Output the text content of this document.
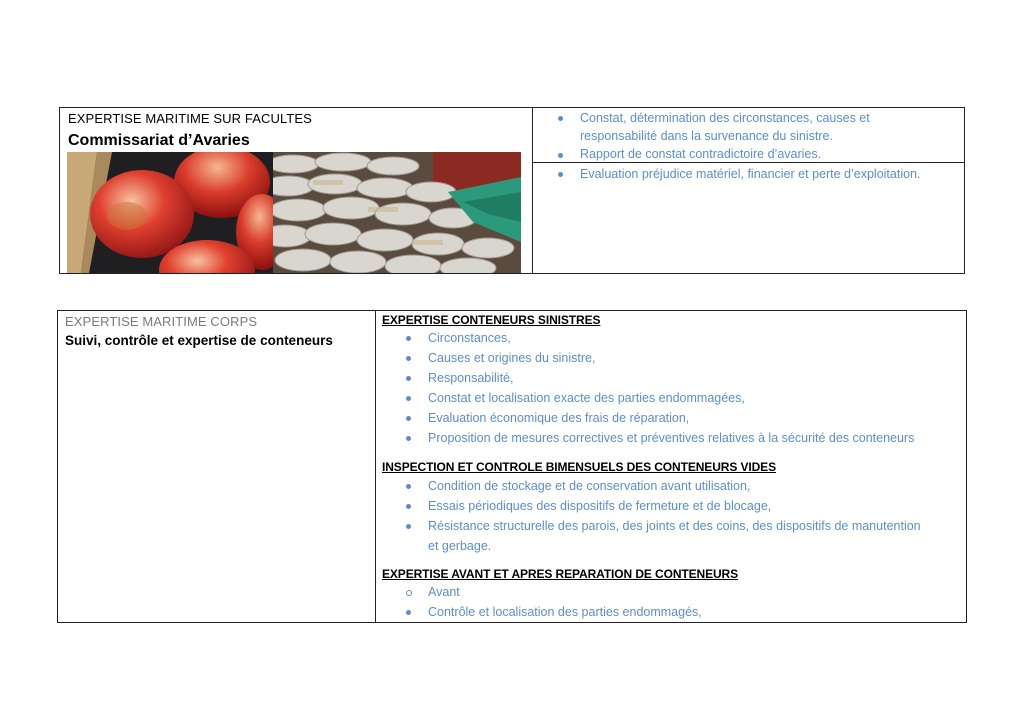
EXPERTISE MARITIME SUR FACULTES
Commissariat d’Avaries
Constat, détermination des circonstances, causes et
responsabilité dans la survenance du sinistre.
Rapport de constat contradictoire d’avaries.
Evaluation préjudice matériel, financier et perte d’exploitation.
EXPERTISE MARITIME CORPS
Suivi, contrôle et expertise de conteneurs
EXPERTISE CONTENEURS SINISTRES
Circonstances,
Causes et origines du sinistre,
Responsabilité,
Constat et localisation exacte des parties endommagées,
Evaluation économique des frais de réparation,
Proposition de mesures correctives et préventives relatives à la sécurité des conteneurs
INSPECTION ET CONTROLE BIMENSUELS DES CONTENEURS VIDES
Condition de stockage et de conservation avant utilisation,
Essais périodiques des dispositifs de fermeture et de blocage,
Résistance structurelle des parois, des joints et des coins, des dispositifs de manutention
et gerbage.
EXPERTISE AVANT ET APRES REPARATION DE CONTENEURS
Avant
Contrôle et localisation des parties endommagés,
